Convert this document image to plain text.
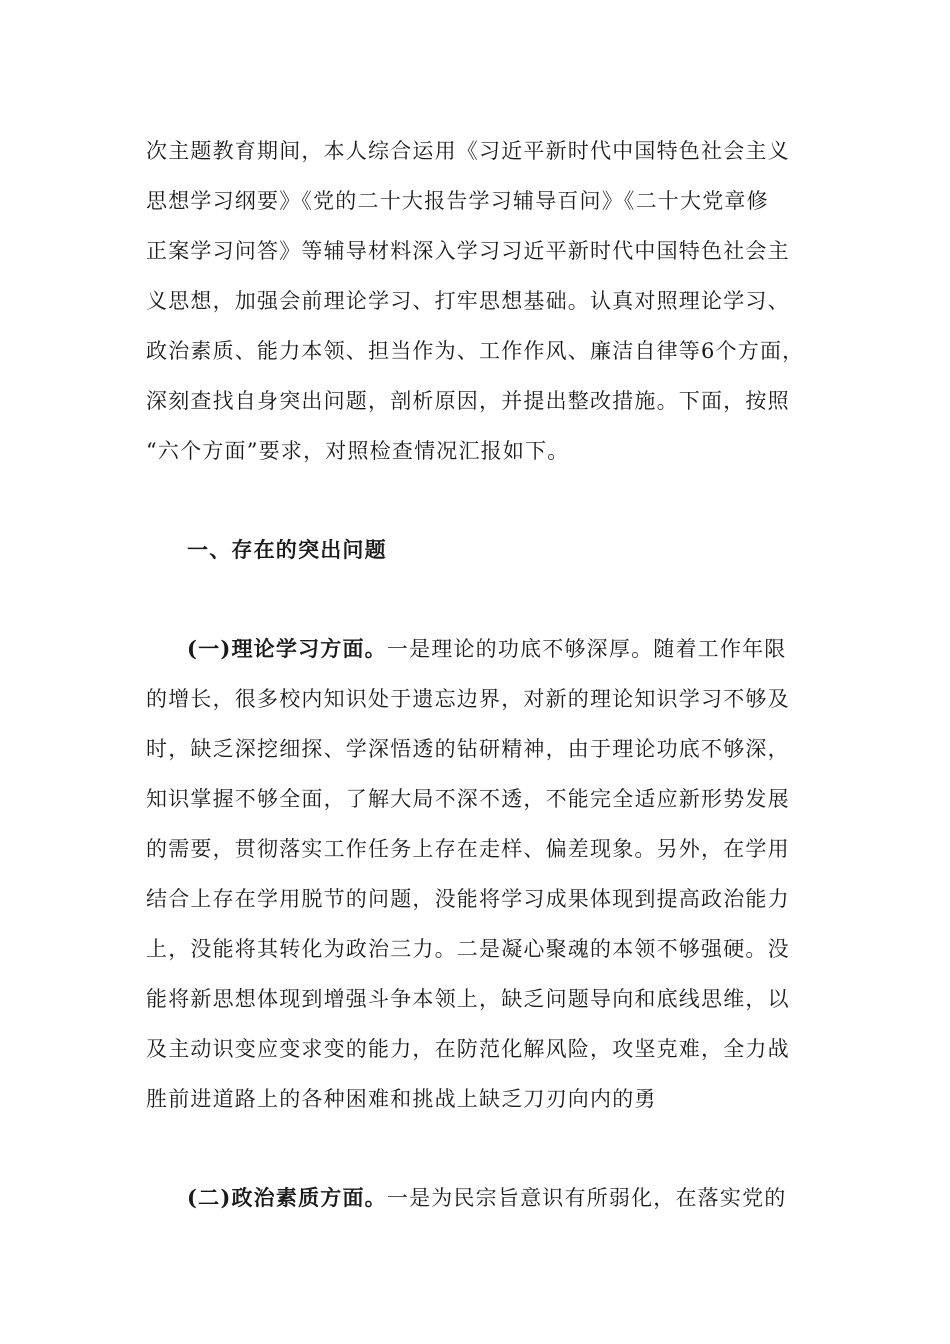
次主题教育期间，本人综合运用《习近平新时代中国特色社会主义
思想学习纲要》《党的二十大报告学习辅导百问》《二十大党章修
正案学习问答》等辅导材料深入学习习近平新时代中国特色社会主
义思想，加强会前理论学习、打牢思想基础。认真对照理论学习、
政治素质、能力本领、担当作为、工作作风、廉洁自律等6个方面，
深刻查找自身突出问题，剖析原因，并提出整改措施。下面，按照
“六个方面”要求，对照检查情况汇报如下。
一、存在的突出问题
(一)理论学习方面。一是理论的功底不够深厚。随着工作年限
的增长，很多校内知识处于遗忘边界，对新的理论知识学习不够及
时，缺乏深挖细探、学深悟透的钻研精神，由于理论功底不够深，
知识掌握不够全面，了解大局不深不透，不能完全适应新形势发展
的需要，贯彻落实工作任务上存在走样、偏差现象。另外，在学用
结合上存在学用脱节的问题，没能将学习成果体现到提高政治能力
上，没能将其转化为政治三力。二是凝心聚魂的本领不够强硬。没
能将新思想体现到增强斗争本领上，缺乏问题导向和底线思维，以
及主动识变应变求变的能力，在防范化解风险，攻坚克难，全力战
胜前进道路上的各种困难和挑战上缺乏刀刃向内的勇
(二)政治素质方面。一是为民宗旨意识有所弱化，在落实党的
